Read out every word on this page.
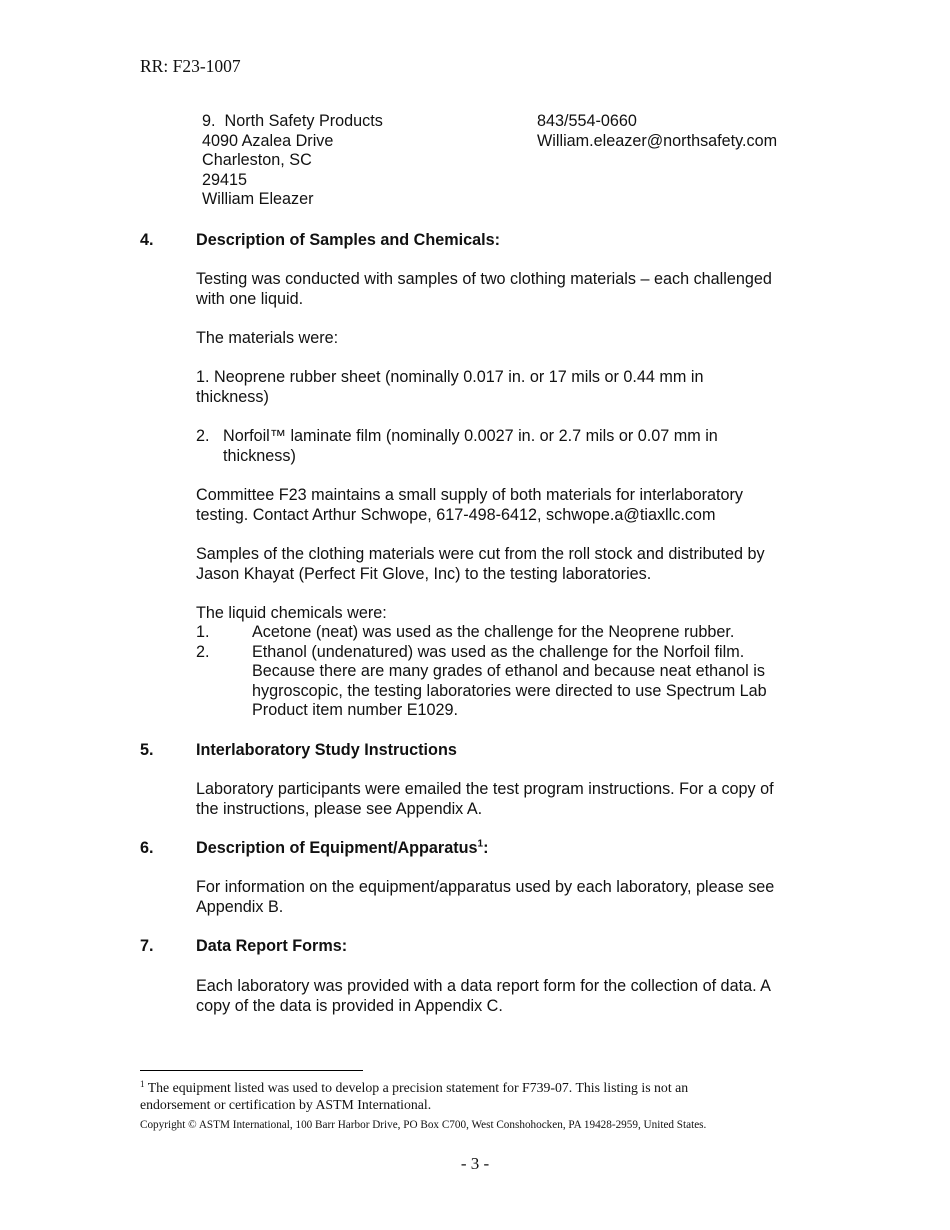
RR: F23-1007
9. North Safety Products
4090 Azalea Drive
Charleston, SC
29415
William Eleazer
843/554-0660
William.eleazer@northsafety.com
4.	Description of Samples and Chemicals:
Testing was conducted with samples of two clothing materials – each challenged
with one liquid.
The materials were:
1. Neoprene rubber sheet (nominally 0.017 in. or 17 mils or 0.44 mm in
thickness)
2. Norfoil™ laminate film (nominally 0.0027 in. or 2.7 mils or 0.07 mm in
thickness)
Committee F23 maintains a small supply of both materials for interlaboratory
testing. Contact Arthur Schwope, 617-498-6412, schwope.a@tiaxllc.com
Samples of the clothing materials were cut from the roll stock and distributed by
Jason Khayat (Perfect Fit Glove, Inc) to the testing laboratories.
The liquid chemicals were:
1.	Acetone (neat) was used as the challenge for the Neoprene rubber.
2.	Ethanol (undenatured) was used as the challenge for the Norfoil film.
Because there are many grades of ethanol and because neat ethanol is
hygroscopic, the testing laboratories were directed to use Spectrum Lab
Product item number E1029.
5.	Interlaboratory Study Instructions
Laboratory participants were emailed the test program instructions. For a copy of
the instructions, please see Appendix A.
6.	Description of Equipment/Apparatus$^1$:
For information on the equipment/apparatus used by each laboratory, please see
Appendix B.
7.	Data Report Forms:
Each laboratory was provided with a data report form for the collection of data. A
copy of the data is provided in Appendix C.
$^1$ The equipment listed was used to develop a precision statement for F739-07. This listing is not an
endorsement or certification by ASTM International.
Copyright © ASTM International, 100 Barr Harbor Drive, PO Box C700, West Conshohocken, PA 19428-2959, United States.
- 3 -
